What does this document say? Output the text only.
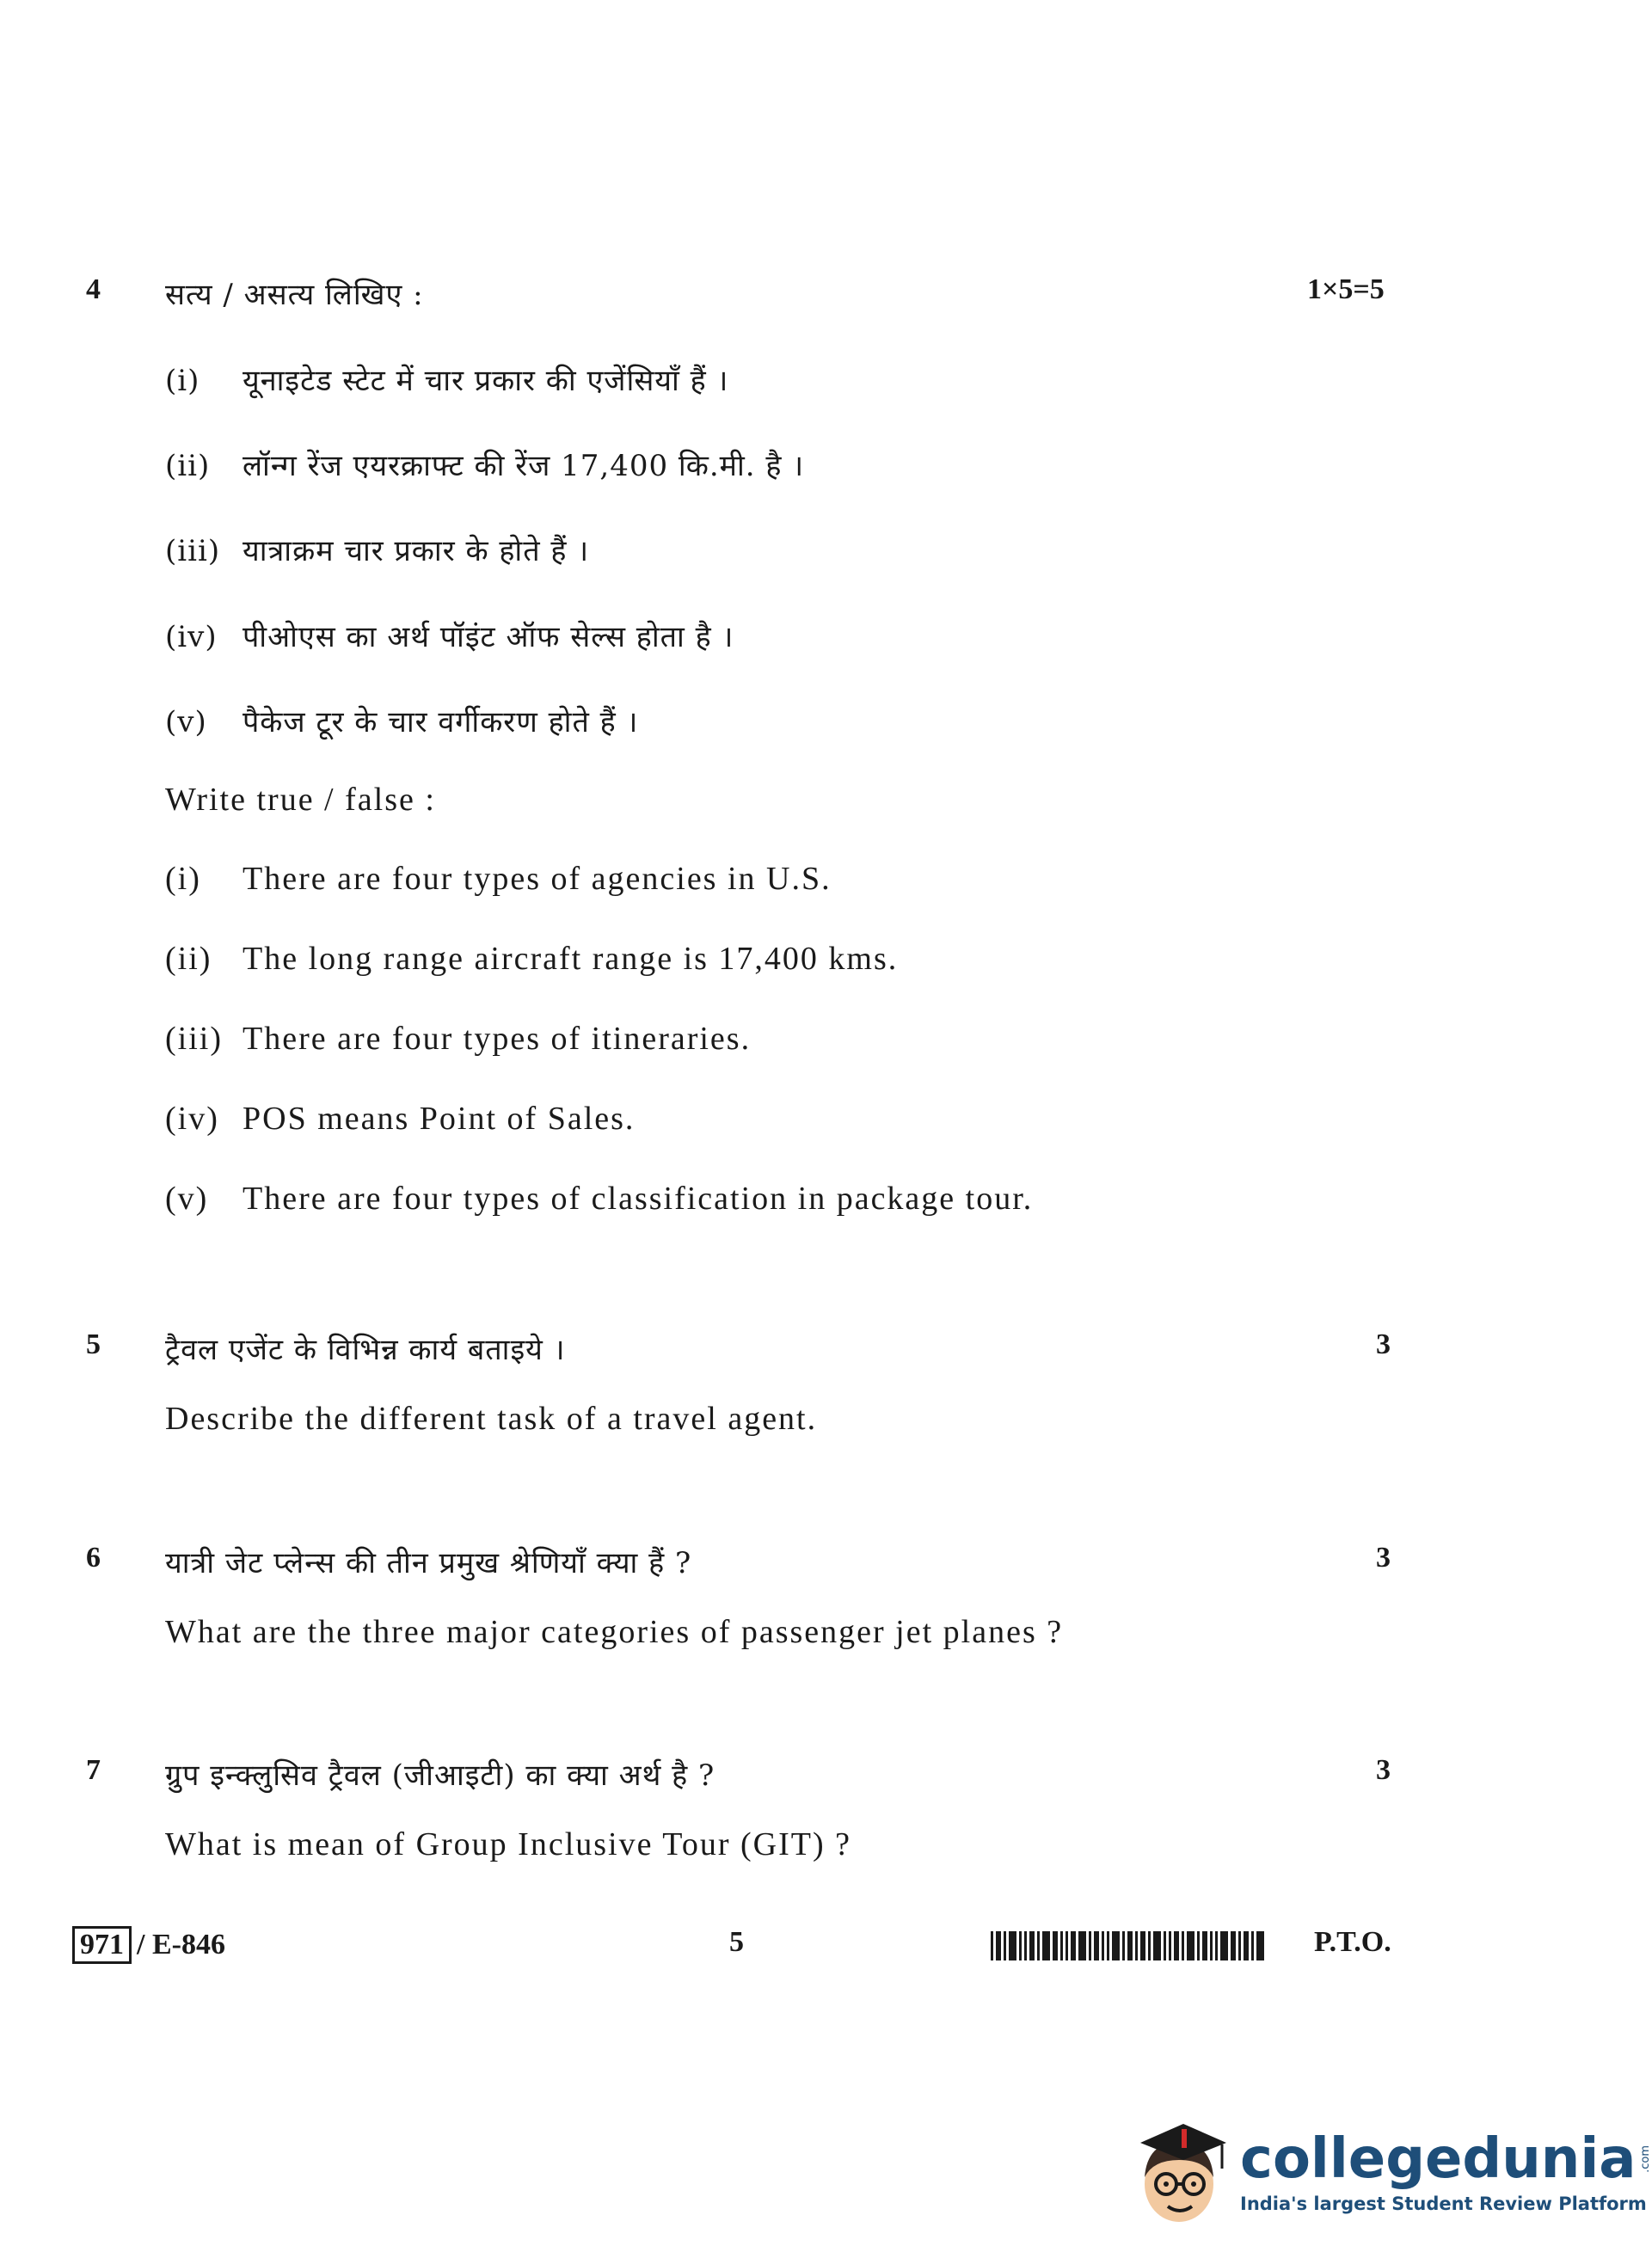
4 सत्य / असत्य लिखिए :	1×5=5
(i)	यूनाइटेड स्टेट में चार प्रकार की एजेंसियाँ हैं ।
(ii)	लॉन्ग रेंज एयरक्राफ्ट की रेंज 17,400 कि.मी. है ।
(iii) यात्राक्रम चार प्रकार के होते हैं ।
(iv) पीओएस का अर्थ पॉइंट ऑफ सेल्स होता है ।
(v)	पैकेज टूर के चार वर्गीकरण होते हैं ।
Write true / false :
(i)	There are four types of agencies in U.S.
(ii) The long range aircraft range is 17,400 kms.
(iii) There are four types of itineraries.
(iv) POS means Point of Sales.
(v)	There are four types of classification in package tour.
5 ट्रैवल एजेंट के विभिन्न कार्य बताइये ।	3
Describe the different task of a travel agent.
6 यात्री जेट प्लेन्स की तीन प्रमुख श्रेणियाँ क्या हैं ?	3
What are the three major categories of passenger jet planes ?
7 ग्रुप इन्क्लुसिव ट्रैवल (जीआइटी) का क्या अर्थ है ?	3
What is mean of Group Inclusive Tour (GIT) ?
971 / E-846	5	P.T.O.
collegedunia .com
India's largest Student Review Platform
